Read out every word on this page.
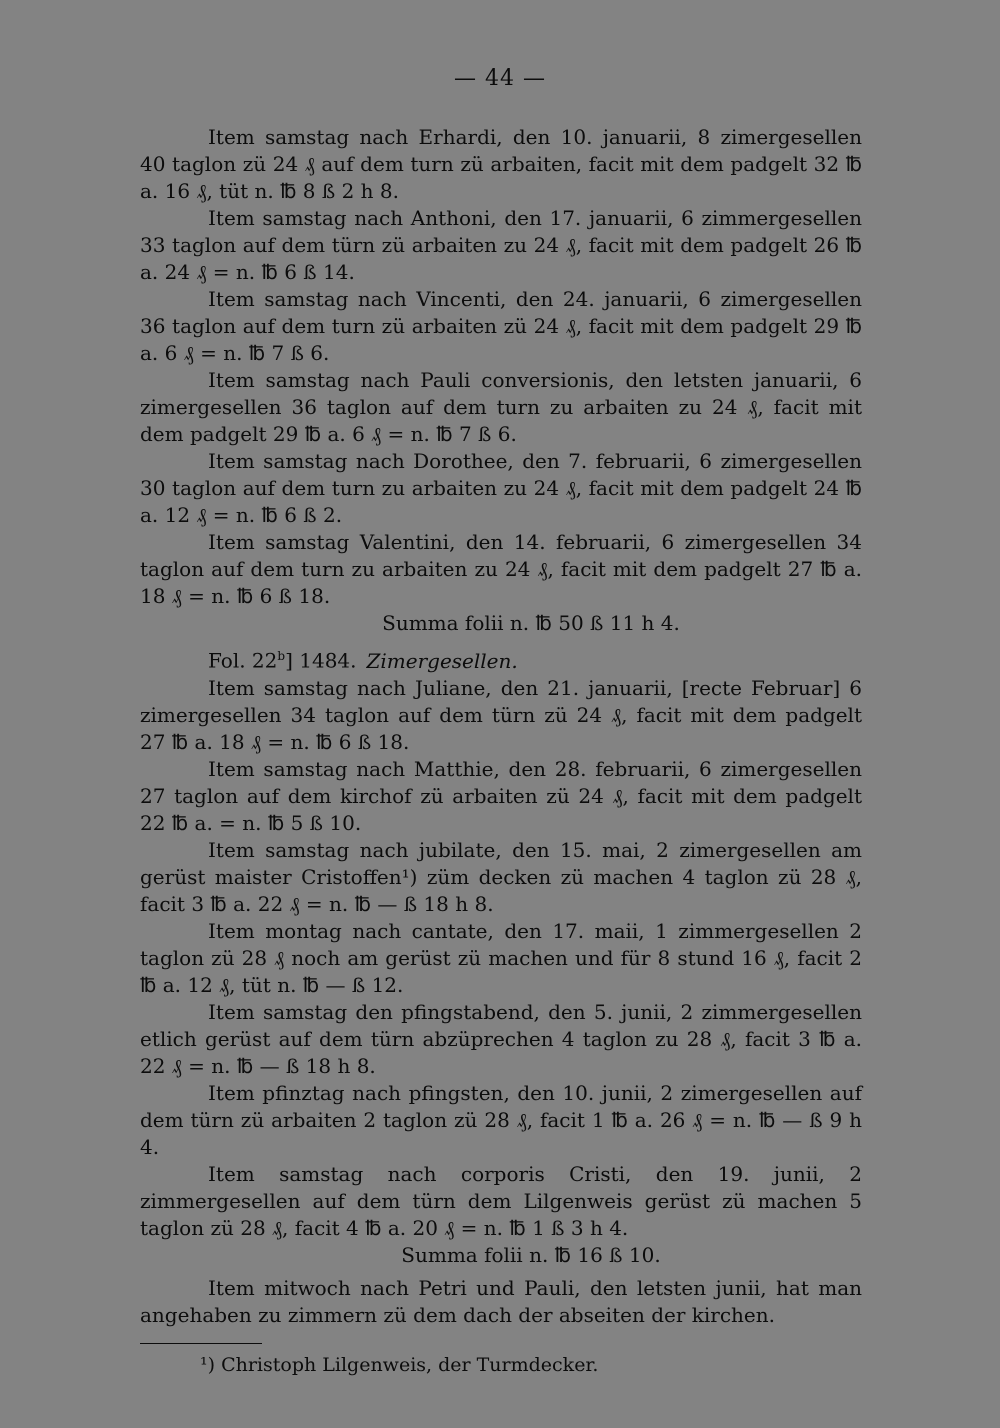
— 44 —

Item samstag nach Erhardi, den 10. januarii, 8 zimergesellen 40 taglon zü 24 ₰ auf dem turn zü arbaiten, facit mit dem padgelt 32 ℔ a. 16 ₰, tüt n. ℔ 8 ß 2 h 8.

Item samstag nach Anthoni, den 17. januarii, 6 zimmergesellen 33 taglon auf dem türn zü arbaiten zu 24 ₰, facit mit dem padgelt 26 ℔ a. 24 ₰ = n. ℔ 6 ß 14.

Item samstag nach Vincenti, den 24. januarii, 6 zimergesellen 36 taglon auf dem turn zü arbaiten zü 24 ₰, facit mit dem padgelt 29 ℔ a. 6 ₰ = n. ℔ 7 ß 6.

Item samstag nach Pauli conversionis, den letsten januarii, 6 zimergesellen 36 taglon auf dem turn zu arbaiten zu 24 ₰, facit mit dem padgelt 29 ℔ a. 6 ₰ = n. ℔ 7 ß 6.

Item samstag nach Dorothee, den 7. februarii, 6 zimergesellen 30 taglon auf dem turn zu arbaiten zu 24 ₰, facit mit dem padgelt 24 ℔ a. 12 ₰ = n. ℔ 6 ß 2.

Item samstag Valentini, den 14. februarii, 6 zimergesellen 34 taglon auf dem turn zu arbaiten zu 24 ₰, facit mit dem padgelt 27 ℔ a. 18 ₰ = n. ℔ 6 ß 18.

Summa folii n. ℔ 50 ß 11 h 4.

Fol. 22$^b$] 1484. Zimergesellen.

Item samstag nach Juliane, den 21. januarii, [recte Februar] 6 zimergesellen 34 taglon auf dem türn zü 24 ₰, facit mit dem padgelt 27 ℔ a. 18 ₰ = n. ℔ 6 ß 18.

Item samstag nach Matthie, den 28. februarii, 6 zimergesellen 27 taglon auf dem kirchof zü arbaiten zü 24 ₰, facit mit dem padgelt 22 ℔ a. = n. ℔ 5 ß 10.

Item samstag nach jubilate, den 15. mai, 2 zimergesellen am gerüst maister Cristoffen¹) züm decken zü machen 4 taglon zü 28 ₰, facit 3 ℔ a. 22 ₰ = n. ℔ — ß 18 h 8.

Item montag nach cantate, den 17. maii, 1 zimmergesellen 2 taglon zü 28 ₰ noch am gerüst zü machen und für 8 stund 16 ₰, facit 2 ℔ a. 12 ₰, tüt n. ℔ — ß 12.

Item samstag den pfingstabend, den 5. junii, 2 zimmergesellen etlich gerüst auf dem türn abzüprechen 4 taglon zu 28 ₰, facit 3 ℔ a. 22 ₰ = n. ℔ — ß 18 h 8.

Item pfinztag nach pfingsten, den 10. junii, 2 zimergesellen auf dem türn zü arbaiten 2 taglon zü 28 ₰, facit 1 ℔ a. 26 ₰ = n. ℔ — ß 9 h 4.

Item samstag nach corporis Cristi, den 19. junii, 2 zimmergesellen auf dem türn dem Lilgenweis gerüst zü machen 5 taglon zü 28 ₰, facit 4 ℔ a. 20 ₰ = n. ℔ 1 ß 3 h 4.

Summa folii n. ℔ 16 ß 10.

Item mitwoch nach Petri und Pauli, den letsten junii, hat man angehaben zu zimmern zü dem dach der abseiten der kirchen.

¹) Christoph Lilgenweis, der Turmdecker.
